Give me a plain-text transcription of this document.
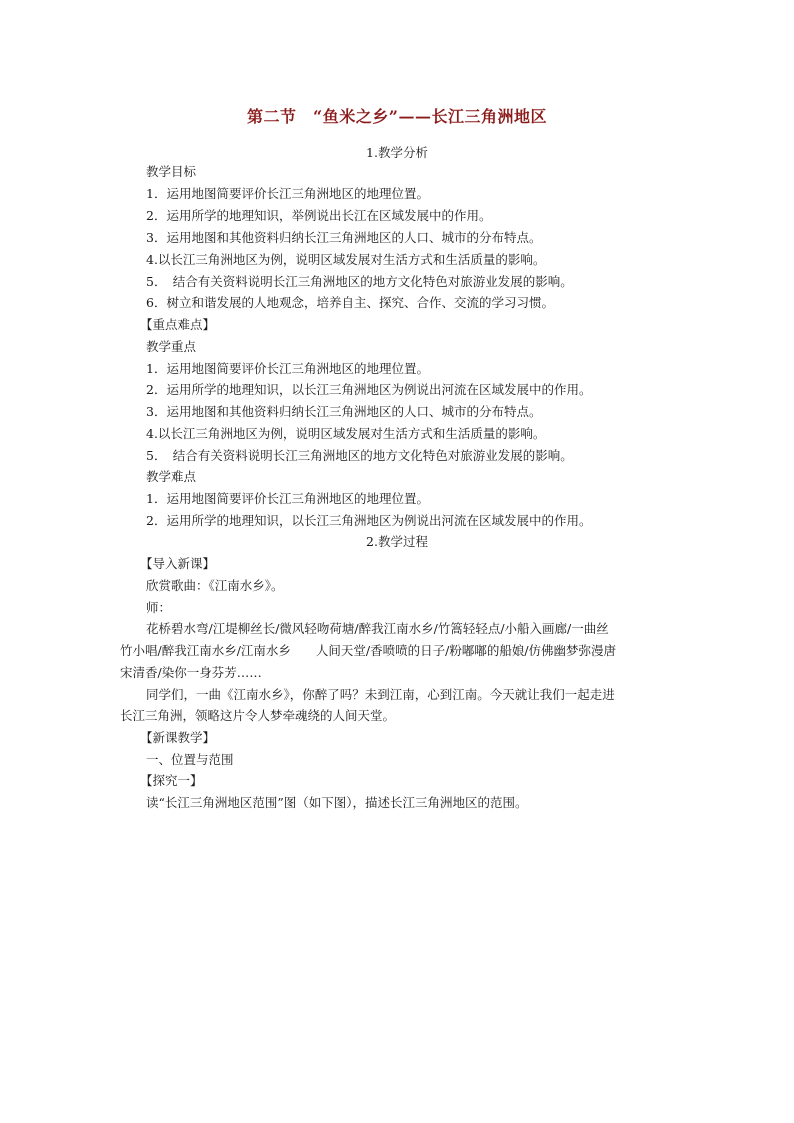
第二节　“鱼米之乡”——长江三角洲地区
1.教学分析
教学目标
1．运用地图简要评价长江三角洲地区的地理位置。
2．运用所学的地理知识，举例说出长江在区域发展中的作用。
3．运用地图和其他资料归纳长江三角洲地区的人口、城市的分布特点。
4.以长江三角洲地区为例，说明区域发展对生活方式和生活质量的影响。
5．　结合有关资料说明长江三角洲地区的地方文化特色对旅游业发展的影响。
6．树立和谐发展的人地观念，培养自主、探究、合作、交流的学习习惯。
【重点难点】
教学重点
1．运用地图简要评价长江三角洲地区的地理位置。
2．运用所学的地理知识，以长江三角洲地区为例说出河流在区域发展中的作用。
3．运用地图和其他资料归纳长江三角洲地区的人口、城市的分布特点。
4.以长江三角洲地区为例，说明区域发展对生活方式和生活质量的影响。
5．　结合有关资料说明长江三角洲地区的地方文化特色对旅游业发展的影响。
教学难点
1．运用地图简要评价长江三角洲地区的地理位置。
2．运用所学的地理知识，以长江三角洲地区为例说出河流在区域发展中的作用。
2.教学过程
【导入新课】
欣赏歌曲：《江南水乡》。
师：
花桥碧水弯/江堤柳丝长/微风轻吻荷塘/醉我江南水乡/竹篙轻轻点/小船入画廊/一曲丝
竹小唱/醉我江南水乡/江南水乡　　人间天堂/香喷喷的日子/粉嘟嘟的船娘/仿佛幽梦弥漫唐
宋清香/染你一身芬芳……
同学们，一曲《江南水乡》，你醉了吗？未到江南，心到江南。今天就让我们一起走进
长江三角洲，领略这片令人梦牵魂绕的人间天堂。
【新课教学】
一、位置与范围
【探究一】
读“长江三角洲地区范围”图（如下图），描述长江三角洲地区的范围。
